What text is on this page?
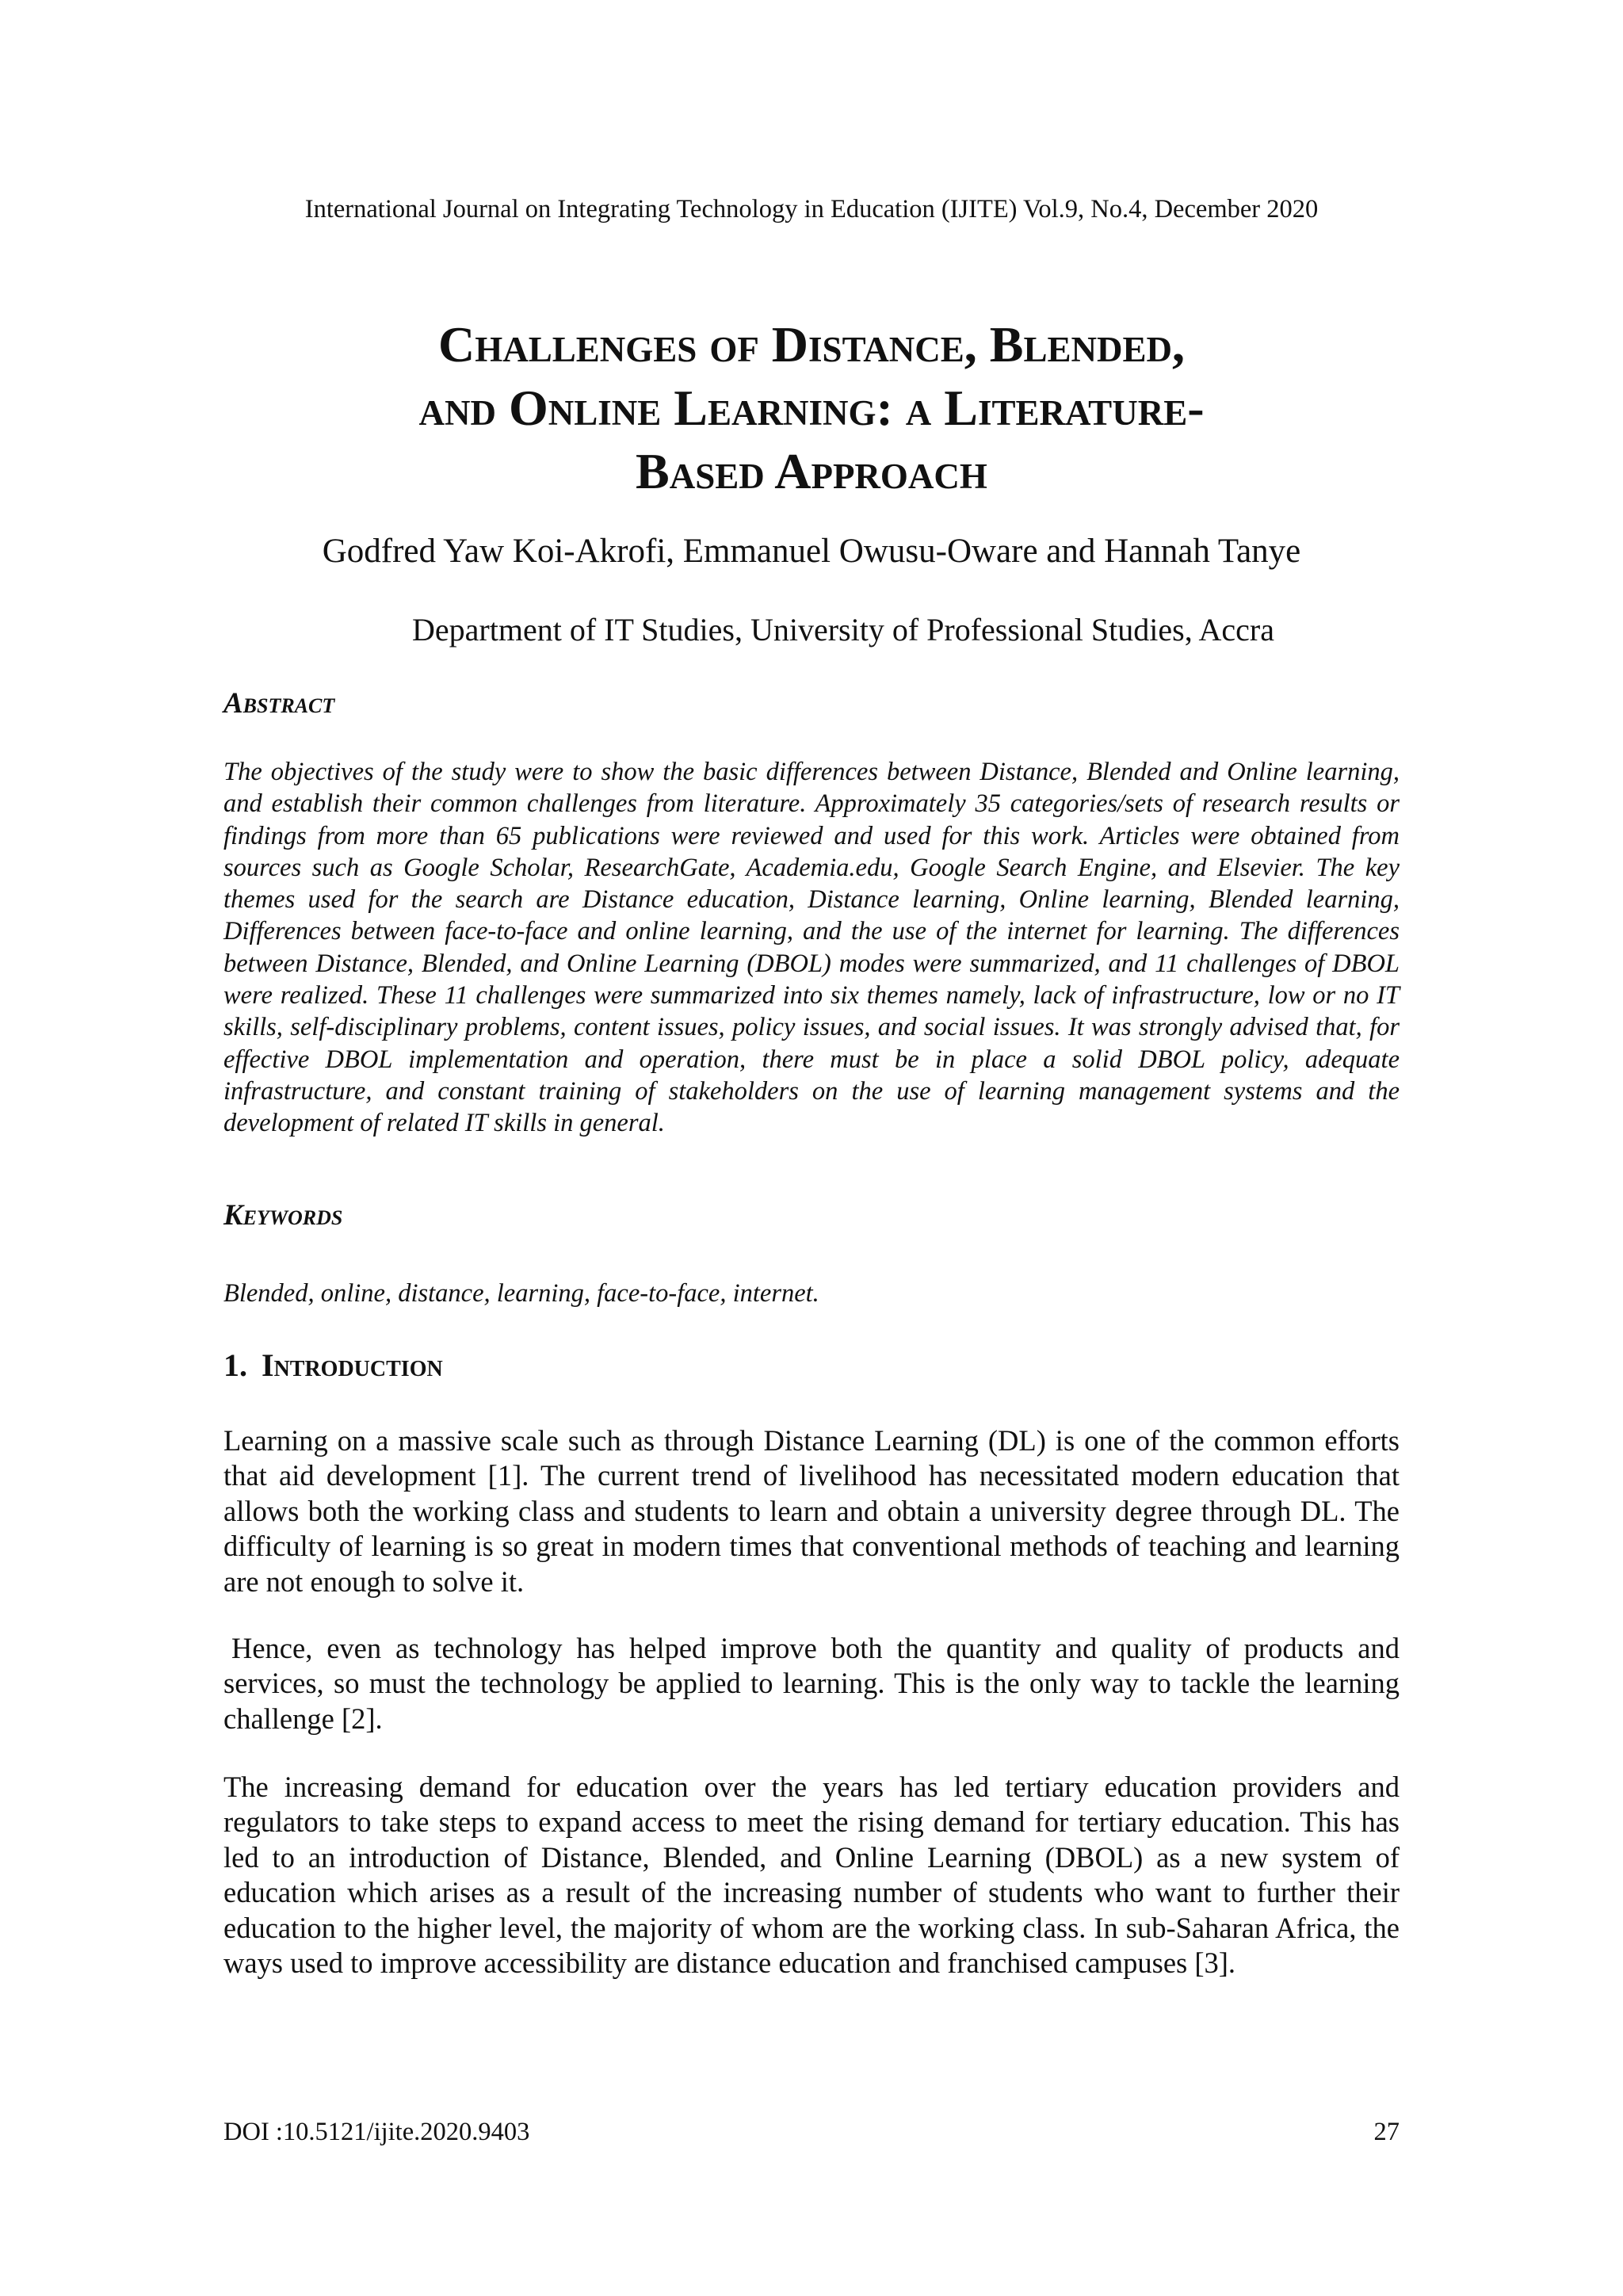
International Journal on Integrating Technology in Education (IJITE) Vol.9, No.4, December 2020
Challenges of Distance, Blended,
and Online Learning: a Literature-
Based Approach
Godfred Yaw Koi-Akrofi, Emmanuel Owusu-Oware and Hannah Tanye
Department of IT Studies, University of Professional Studies, Accra
Abstract
The objectives of the study were to show the basic differences between Distance, Blended and Online learning, and establish their common challenges from literature. Approximately 35 categories/sets of research results or findings from more than 65 publications were reviewed and used for this work. Articles were obtained from sources such as Google Scholar, ResearchGate, Academia.edu, Google Search Engine, and Elsevier. The key themes used for the search are Distance education, Distance learning, Online learning, Blended learning, Differences between face-to-face and online learning, and the use of the internet for learning. The differences between Distance, Blended, and Online Learning (DBOL) modes were summarized, and 11 challenges of DBOL were realized. These 11 challenges were summarized into six themes namely, lack of infrastructure, low or no IT skills, self-disciplinary problems, content issues, policy issues, and social issues. It was strongly advised that, for effective DBOL implementation and operation, there must be in place a solid DBOL policy, adequate infrastructure, and constant training of stakeholders on the use of learning management systems and the development of related IT skills in general.
Keywords
Blended, online, distance, learning, face-to-face, internet.
1. Introduction
Learning on a massive scale such as through Distance Learning (DL) is one of the common efforts that aid development [1]. The current trend of livelihood has necessitated modern education that allows both the working class and students to learn and obtain a university degree through DL. The difficulty of learning is so great in modern times that conventional methods of teaching and learning are not enough to solve it.
Hence, even as technology has helped improve both the quantity and quality of products and services, so must the technology be applied to learning. This is the only way to tackle the learning challenge [2].
The increasing demand for education over the years has led tertiary education providers and regulators to take steps to expand access to meet the rising demand for tertiary education. This has led to an introduction of Distance, Blended, and Online Learning (DBOL) as a new system of education which arises as a result of the increasing number of students who want to further their education to the higher level, the majority of whom are the working class. In sub-Saharan Africa, the ways used to improve accessibility are distance education and franchised campuses [3].
DOI :10.5121/ijite.2020.9403	27
